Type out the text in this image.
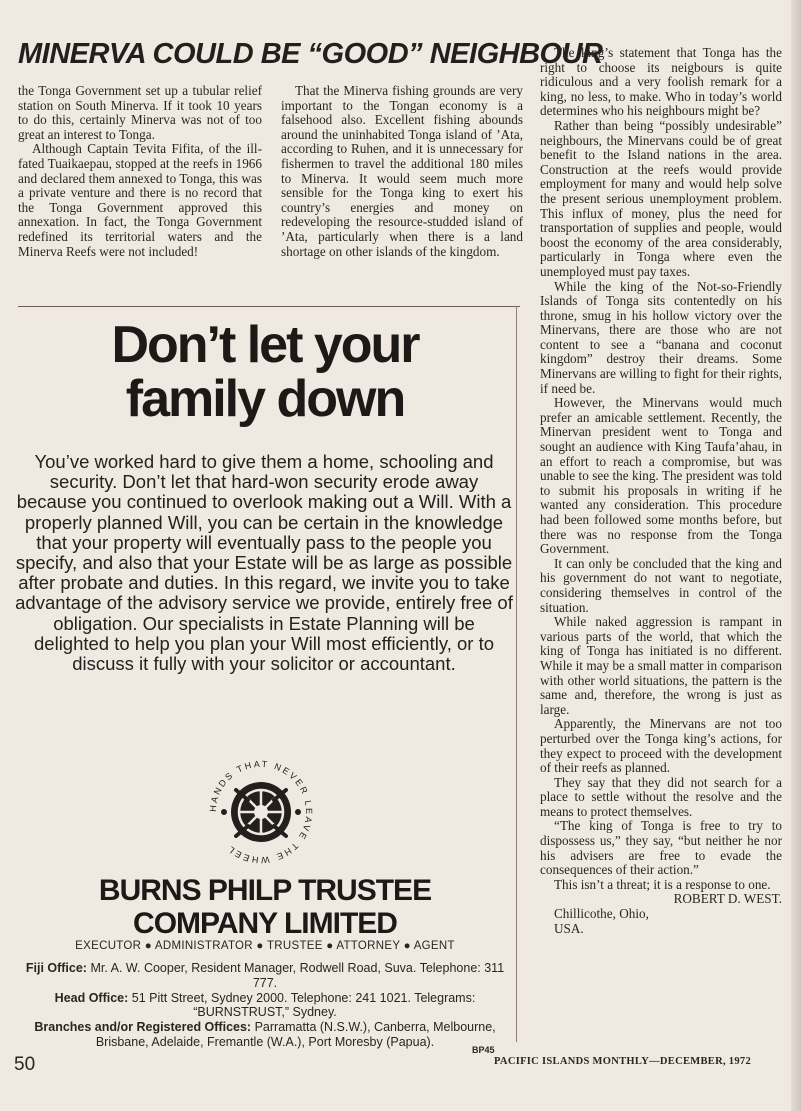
MINERVA COULD BE “GOOD” NEIGHBOUR

the Tonga Government set up a tubular relief station on South Minerva. If it took 10 years to do this, certainly Minerva was not of too great an interest to Tonga.

Although Captain Tevita Fifita, of the ill-fated Tuaikaepau, stopped at the reefs in 1966 and declared them annexed to Tonga, this was a private venture and there is no record that the Tonga Government approved this annexation. In fact, the Tonga Government redefined its territorial waters and the Minerva Reefs were not included!

That the Minerva fishing grounds are very important to the Tongan economy is a falsehood also. Excellent fishing abounds around the uninhabited Tonga island of ’Ata, according to Ruhen, and it is unnecessary for fishermen to travel the additional 180 miles to Minerva. It would seem much more sensible for the Tonga king to exert his country’s energies and money on redeveloping the resource-studded island of ’Ata, particularly when there is a land shortage on other islands of the kingdom.

The king’s statement that Tonga has the right to choose its neigbours is quite ridiculous and a very foolish remark for a king, no less, to make. Who in today’s world determines who his neighbours might be?

Rather than being “possibly undesirable” neighbours, the Minervans could be of great benefit to the Island nations in the area. Construction at the reefs would provide employment for many and would help solve the present serious unemployment problem. This influx of money, plus the need for transportation of supplies and people, would boost the economy of the area considerably, particularly in Tonga where even the unemployed must pay taxes.

While the king of the Not-so-Friendly Islands of Tonga sits contentedly on his throne, smug in his hollow victory over the Minervans, there are those who are not content to see a “banana and coconut kingdom” destroy their dreams. Some Minervans are willing to fight for their rights, if need be.

However, the Minervans would much prefer an amicable settlement. Recently, the Minervan president went to Tonga and sought an audience with King Taufa’ahau, in an effort to reach a compromise, but was unable to see the king. The president was told to submit his proposals in writing if he wanted any consideration. This procedure had been followed some months before, but there was no response from the Tonga Government.

It can only be concluded that the king and his government do not want to negotiate, considering themselves in control of the situation.

While naked aggression is rampant in various parts of the world, that which the king of Tonga has initiated is no different. While it may be a small matter in comparison with other world situations, the pattern is the same and, therefore, the wrong is just as large.

Apparently, the Minervans are not too perturbed over the Tonga king’s actions, for they expect to proceed with the development of their reefs as planned.

They say that they did not search for a place to settle without the resolve and the means to protect themselves.

“The king of Tonga is free to try to dispossess us,” they say, “but neither he nor his advisers are free to evade the consequences of their action.”

This isn’t a threat; it is a response to one.

ROBERT D. WEST.

Chillicothe, Ohio,

USA.

Don’t let your
family down
You’ve worked hard to give them a home, schooling and security. Don’t let that hard-won security erode away because you continued to overlook making out a Will. With a properly planned Will, you can be certain in the knowledge that your property will eventually pass to the people you specify, and also that your Estate will be as large as possible after probate and duties. In this regard, we invite you to take advantage of the advisory service we provide, entirely free of obligation. Our specialists in Estate Planning will be delighted to help you plan your Will most efficiently, or to discuss it fully with your solicitor or accountant.
HANDS THAT NEVER LEAVE THE WHEEL
BURNS PHILP TRUSTEE
COMPANY LIMITED
EXECUTOR ● ADMINISTRATOR ● TRUSTEE ● ATTORNEY ● AGENT
Fiji Office: Mr. A. W. Cooper, Resident Manager, Rodwell Road, Suva. Telephone: 311 777.
Head Office: 51 Pitt Street, Sydney 2000. Telephone: 241 1021. Telegrams: “BURNSTRUST,” Sydney.
Branches and/or Registered Offices: Parramatta (N.S.W.), Canberra, Melbourne, Brisbane, Adelaide, Fremantle (W.A.), Port Moresby (Papua).
BP45
50	PACIFIC ISLANDS MONTHLY—DECEMBER, 1972
